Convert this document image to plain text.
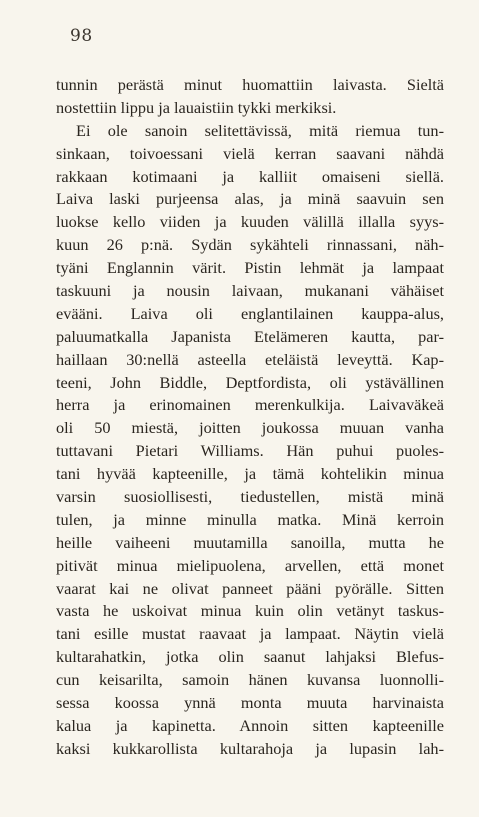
98
tunnin perästä minut huomattiin laivasta. Sieltä
nostettiin lippu ja lauaistiin tykki merkiksi.
Ei ole sanoin selitettävissä, mitä riemua tun-
sinkaan, toivoessani vielä kerran saavani nähdä
rakkaan kotimaani ja kalliit omaiseni siellä.
Laiva laski purjeensa alas, ja minä saavuin sen
luokse kello viiden ja kuuden välillä illalla syys-
kuun 26 p:nä. Sydän sykähteli rinnassani, näh-
tyäni Englannin värit. Pistin lehmät ja lampaat
taskuuni ja nousin laivaan, mukanani vähäiset
evääni. Laiva oli englantilainen kauppa-alus,
paluumatkalla Japanista Etelämeren kautta, par-
haillaan 30:nellä asteella eteläistä leveyttä. Kap-
teeni, John Biddle, Deptfordista, oli ystävällinen
herra ja erinomainen merenkulkija. Laivaväkeä
oli 50 miestä, joitten joukossa muuan vanha
tuttavani Pietari Williams. Hän puhui puoles-
tani hyvää kapteenille, ja tämä kohtelikin minua
varsin suosiollisesti, tiedustellen, mistä minä
tulen, ja minne minulla matka. Minä kerroin
heille vaiheeni muutamilla sanoilla, mutta he
pitivät minua mielipuolena, arvellen, että monet
vaarat kai ne olivat panneet pääni pyörälle. Sitten
vasta he uskoivat minua kuin olin vetänyt taskus-
tani esille mustat raavaat ja lampaat. Näytin vielä
kultarahatkin, jotka olin saanut lahjaksi Blefus-
cun keisarilta, samoin hänen kuvansa luonnolli-
sessa koossa ynnä monta muuta harvinaista
kalua ja kapinetta. Annoin sitten kapteenille
kaksi kukkarollista kultarahoja ja lupasin lah-
